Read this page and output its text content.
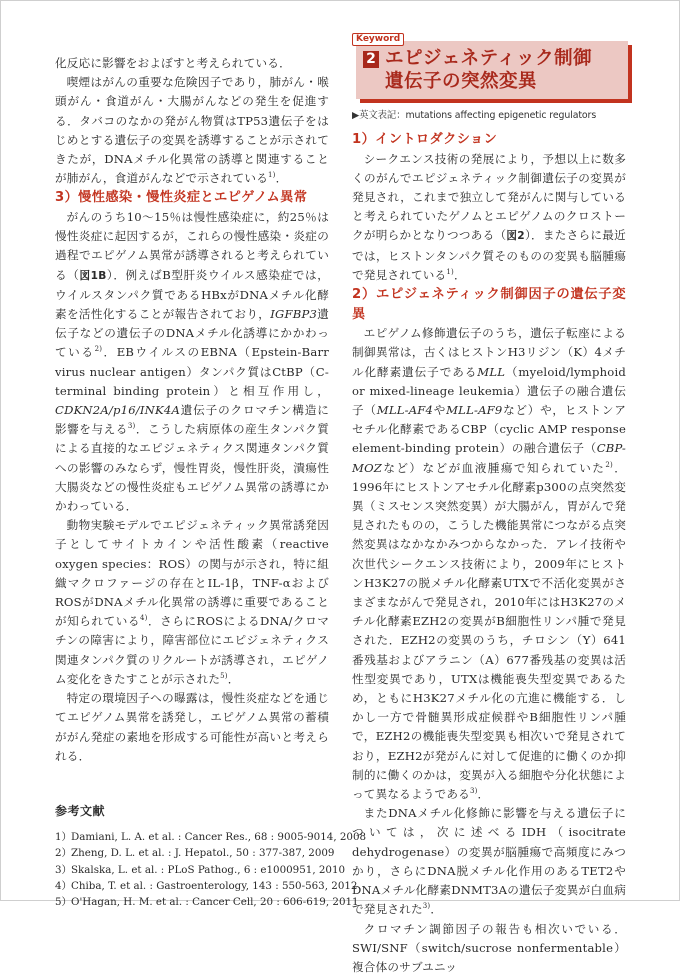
化反応に影響をおよぼすと考えられている．

喫煙はがんの重要な危険因子であり，肺がん・喉頭がん・食道がん・大腸がんなどの発生を促進する．タバコのなかの発がん物質はTP53遺伝子をはじめとする遺伝子の変異を誘導することが示されてきたが，DNAメチル化異常の誘導と関連することが肺がん，食道がんなどで示されている$^{1)}$．

3）慢性感染・慢性炎症とエピゲノム異常

がんのうち10〜15％は慢性感染症に，約25％は慢性炎症に起因するが，これらの慢性感染・炎症の過程でエピゲノム異常が誘導されると考えられている（図1B）．例えばB型肝炎ウイルス感染症では，ウイルスタンパク質であるHBxがDNAメチル化酵素を活性化することが報告されており，IGFBP3遺伝子などの遺伝子のDNAメチル化誘導にかかわっている$^{2)}$．EBウイルスのEBNA（Epstein-Barr virus nuclear antigen）タンパク質はCtBP（C-terminal binding protein）と相互作用し，CDKN2A/p16/INK4A遺伝子のクロマチン構造に影響を与える$^{3)}$．こうした病原体の産生タンパク質による直接的なエピジェネティクス関連タンパク質への影響のみならず，慢性胃炎，慢性肝炎，潰瘍性大腸炎などの慢性炎症もエピゲノム異常の誘導にかかわっている．

動物実験モデルでエピジェネティック異常誘発因子としてサイトカインや活性酸素（reactive oxygen species：ROS）の関与が示され，特に組織マクロファージの存在とIL-1β，TNF-αおよびROSがDNAメチル化異常の誘導に重要であることが知られている$^{4)}$．さらにROSによるDNA/クロマチンの障害により，障害部位にエピジェネティクス関連タンパク質のリクルートが誘導され，エピゲノム変化をきたすことが示された$^{5)}$．

特定の環境因子への曝露は，慢性炎症などを通じてエピゲノム異常を誘発し，エピゲノム異常の蓄積ががん発症の素地を形成する可能性が高いと考えられる．

参考文献
1）Damiani, L. A. et al. : Cancer Res., 68 : 9005-9014, 2008
2）Zheng, D. L. et al. : J. Hepatol., 50 : 377-387, 2009
3）Skalska, L. et al. : PLoS Pathog., 6 : e1000951, 2010
4）Chiba, T. et al. : Gastroenterology, 143 : 550-563, 2012
5）O'Hagan, H. M. et al. : Cancer Cell, 20 : 606-619, 2011
2 エピジェネティック制御
遺伝子の突然変異
Keyword
▶英文表記：mutations affecting epigenetic regulators
1）イントロダクション

シークエンス技術の発展により，予想以上に数多くのがんでエピジェネティック制御遺伝子の変異が発見され，これまで独立して発がんに関与していると考えられていたゲノムとエピゲノムのクロストークが明らかとなりつつある（図2）．またさらに最近では，ヒストンタンパク質そのものの変異も脳腫瘍で発見されている$^{1)}$．

2）エピジェネティック制御因子の遺伝子変異

エピゲノム修飾遺伝子のうち，遺伝子転座による制御異常は，古くはヒストンH3リジン（K）4メチル化酵素遺伝子であるMLL（myeloid/lymphoid or mixed-lineage leukemia）遺伝子の融合遺伝子（MLL-AF4やMLL-AF9など）や，ヒストンアセチル化酵素であるCBP（cyclic AMP response element-binding protein）の融合遺伝子（CBP-MOZなど）などが血液腫瘍で知られていた$^{2)}$．1996年にヒストンアセチル化酵素p300の点突然変異（ミスセンス突然変異）が大腸がん，胃がんで発見されたものの，こうした機能異常につながる点突然変異はなかなかみつからなかった．アレイ技術や次世代シークエンス技術により，2009年にヒストンH3K27の脱メチル化酵素UTXで不活化変異がさまざまながんで発見され，2010年にはH3K27のメチル化酵素EZH2の変異がB細胞性リンパ腫で発見された．EZH2の変異のうち，チロシン（Y）641番残基およびアラニン（A）677番残基の変異は活性型変異であり，UTXは機能喪失型変異であるため，ともにH3K27メチル化の亢進に機能する．しかし一方で骨髄異形成症候群やB細胞性リンパ腫で，EZH2の機能喪失型変異も相次いで発見されており，EZH2が発がんに対して促進的に働くのか抑制的に働くのかは，変異が入る細胞や分化状態によって異なるようである$^{3)}$．

またDNAメチル化修飾に影響を与える遺伝子については，次に述べるIDH（isocitrate dehydrogenase）の変異が脳腫瘍で高頻度にみつかり，さらにDNA脱メチル化作用のあるTET2やDNAメチル化酵素DNMT3Aの遺伝子変異が白血病で発見された$^{3)}$．

クロマチン調節因子の報告も相次いでいる．SWI/SNF（switch/sucrose nonfermentable）複合体のサブユニッ
